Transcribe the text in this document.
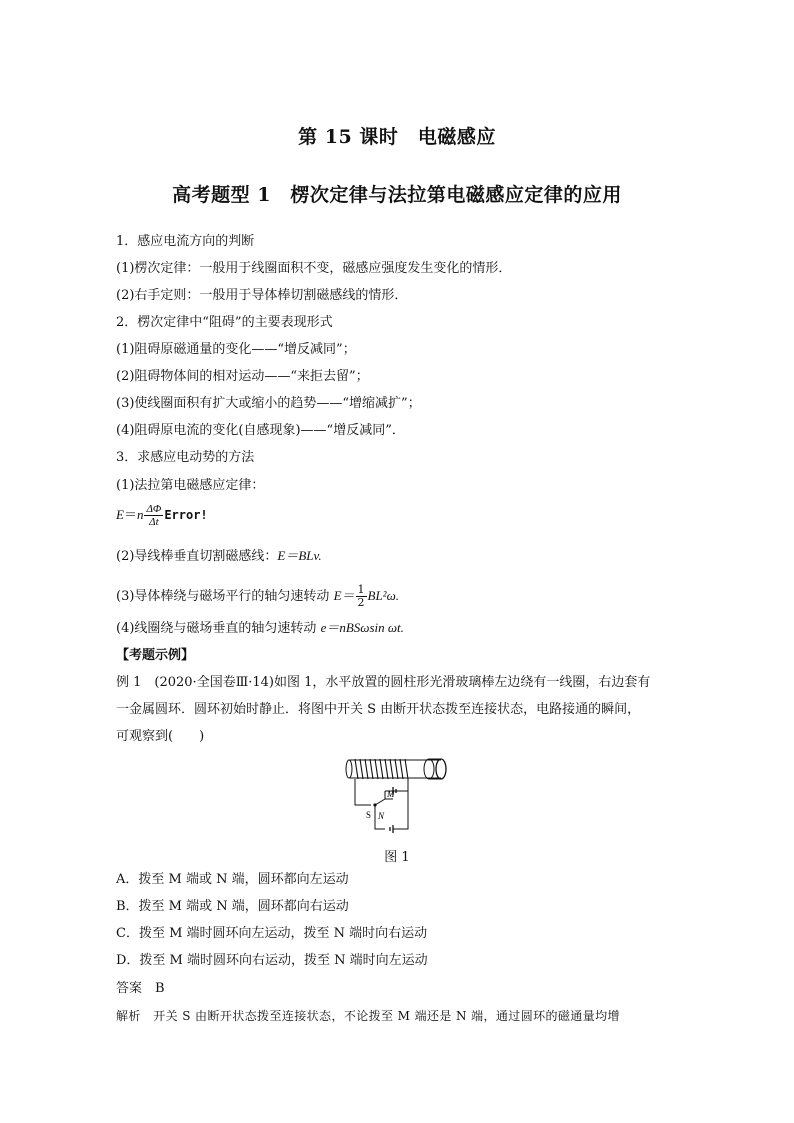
第 15 课时　电磁感应
高考题型 1　楞次定律与法拉第电磁感应定律的应用
1．感应电流方向的判断
(1)楞次定律：一般用于线圈面积不变，磁感应强度发生变化的情形．
(2)右手定则：一般用于导体棒切割磁感线的情形．
2．楞次定律中“阻碍”的主要表现形式
(1)阻碍原磁通量的变化——“增反减同”；
(2)阻碍物体间的相对运动——“来拒去留”；
(3)使线圈面积有扩大或缩小的趋势——“增缩减扩”；
(4)阻碍原电流的变化(自感现象)——“增反减同”．
3．求感应电动势的方法
(1)法拉第电磁感应定律：
$E=n \frac{\Delta\Phi}{\Delta t}$ Error!
(2)导线棒垂直切割磁感线：E＝BLv.
(3)导体棒绕与磁场平行的轴匀速转动 $E= \frac{1}{2} BL^2\omega$.
(4)线圈绕与磁场垂直的轴匀速转动 e＝nBSωsin ωt.
【考题示例】
例 1　(2020·全国卷Ⅲ·14)如图 1，水平放置的圆柱形光滑玻璃棒左边绕有一线圈，右边套有
一金属圆环．圆环初始时静止．将图中开关 S 由断开状态拨至连接状态，电路接通的瞬间，
可观察到(　　)
S
M
N
图 1
A．拨至 M 端或 N 端，圆环都向左运动
B．拨至 M 端或 N 端，圆环都向右运动
C．拨至 M 端时圆环向左运动，拨至 N 端时向右运动
D．拨至 M 端时圆环向右运动，拨至 N 端时向左运动
答案　B
解析　开关 S 由断开状态拨至连接状态，不论拨至 M 端还是 N 端，通过圆环的磁通量均增
